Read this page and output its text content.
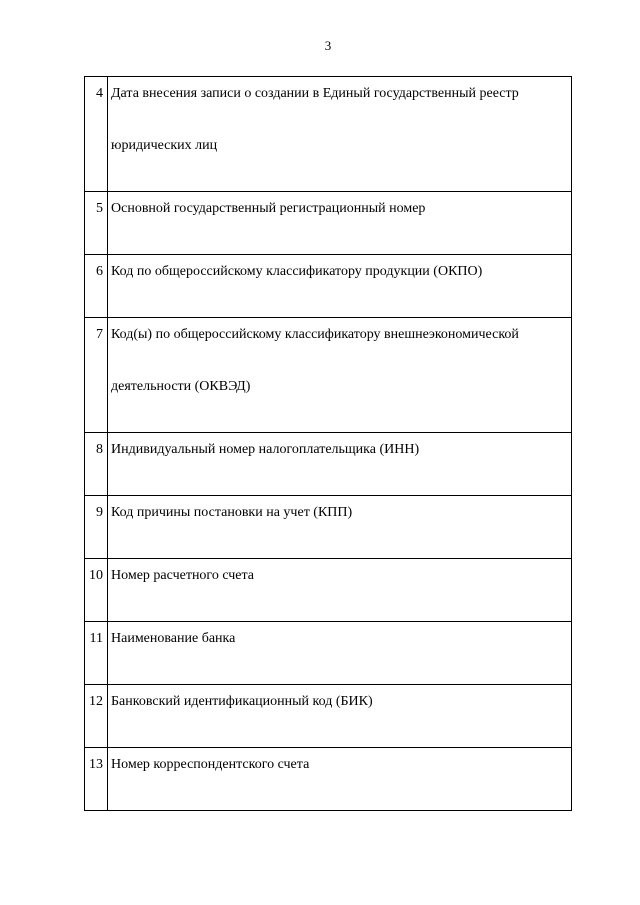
3
4	Дата внесения записи о создании в Единый государственный реестр
юридических лиц

5	Основной государственный регистрационный номер

6	Код по общероссийскому классификатору продукции (ОКПО)

7	Код(ы) по общероссийскому классификатору внешнеэкономической
деятельности (ОКВЭД)

8	Индивидуальный номер налогоплательщика (ИНН)

9	Код причины постановки на учет (КПП)

10	Номер расчетного счета

11	Наименование банка

12	Банковский идентификационный код (БИК)

13	Номер корреспондентского счета
